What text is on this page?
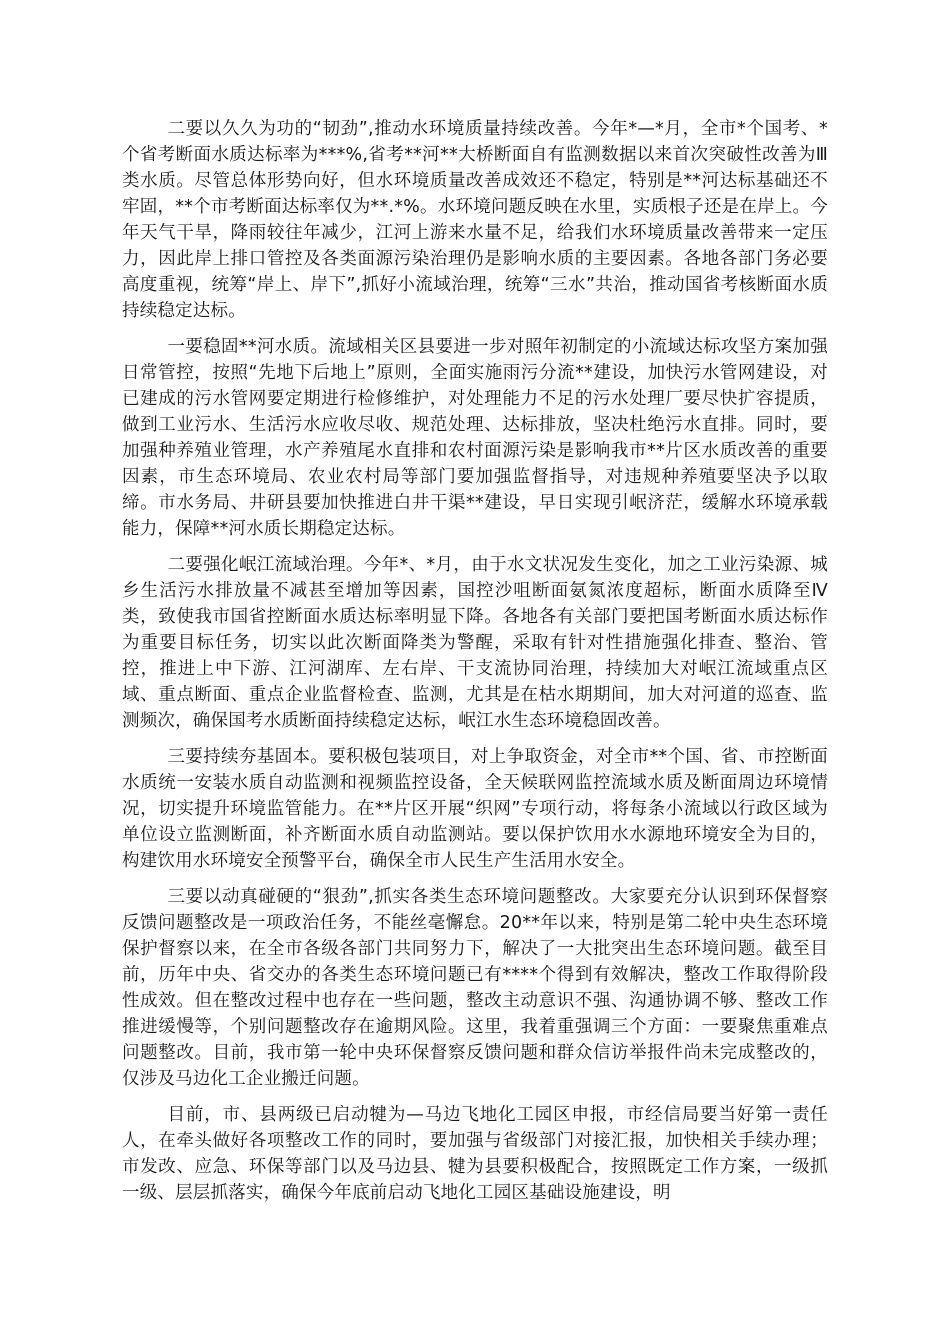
二要以久久为功的“韧劲”,推动水环境质量持续改善。今年*—*月，全市*个国考、*个省考断面水质达标率为***%,省考**河**大桥断面自有监测数据以来首次突破性改善为Ⅲ类水质。尽管总体形势向好，但水环境质量改善成效还不稳定，特别是**河达标基础还不牢固，**个市考断面达标率仅为**.*%。水环境问题反映在水里，实质根子还是在岸上。今年天气干旱，降雨较往年减少，江河上游来水量不足，给我们水环境质量改善带来一定压力，因此岸上排口管控及各类面源污染治理仍是影响水质的主要因素。各地各部门务必要高度重视，统筹“岸上、岸下”,抓好小流域治理，统筹“三水”共治，推动国省考核断面水质持续稳定达标。

一要稳固**河水质。流域相关区县要进一步对照年初制定的小流域达标攻坚方案加强日常管控，按照“先地下后地上”原则，全面实施雨污分流**建设，加快污水管网建设，对已建成的污水管网要定期进行检修维护，对处理能力不足的污水处理厂要尽快扩容提质，做到工业污水、生活污水应收尽收、规范处理、达标排放，坚决杜绝污水直排。同时，要加强种养殖业管理，水产养殖尾水直排和农村面源污染是影响我市**片区水质改善的重要因素，市生态环境局、农业农村局等部门要加强监督指导，对违规种养殖要坚决予以取缔。市水务局、井研县要加快推进白井干渠**建设，早日实现引岷济茫，缓解水环境承载能力，保障**河水质长期稳定达标。

二要强化岷江流域治理。今年*、*月，由于水文状况发生变化，加之工业污染源、城乡生活污水排放量不减甚至增加等因素，国控沙咀断面氨氮浓度超标，断面水质降至Ⅳ类，致使我市国省控断面水质达标率明显下降。各地各有关部门要把国考断面水质达标作为重要目标任务，切实以此次断面降类为警醒，采取有针对性措施强化排查、整治、管控，推进上中下游、江河湖库、左右岸、干支流协同治理，持续加大对岷江流域重点区域、重点断面、重点企业监督检查、监测，尤其是在枯水期期间，加大对河道的巡查、监测频次，确保国考水质断面持续稳定达标，岷江水生态环境稳固改善。

三要持续夯基固本。要积极包装项目，对上争取资金，对全市**个国、省、市控断面水质统一安装水质自动监测和视频监控设备，全天候联网监控流域水质及断面周边环境情况，切实提升环境监管能力。在**片区开展“织网”专项行动，将每条小流域以行政区域为单位设立监测断面，补齐断面水质自动监测站。要以保护饮用水水源地环境安全为目的，构建饮用水环境安全预警平台，确保全市人民生产生活用水安全。

三要以动真碰硬的“狠劲”,抓实各类生态环境问题整改。大家要充分认识到环保督察反馈问题整改是一项政治任务，不能丝毫懈怠。20**年以来，特别是第二轮中央生态环境保护督察以来，在全市各级各部门共同努力下，解决了一大批突出生态环境问题。截至目前，历年中央、省交办的各类生态环境问题已有****个得到有效解决，整改工作取得阶段性成效。但在整改过程中也存在一些问题，整改主动意识不强、沟通协调不够、整改工作推进缓慢等，个别问题整改存在逾期风险。这里，我着重强调三个方面：一要聚焦重难点问题整改。目前，我市第一轮中央环保督察反馈问题和群众信访举报件尚未完成整改的，仅涉及马边化工企业搬迁问题。

目前，市、县两级已启动犍为—马边飞地化工园区申报，市经信局要当好第一责任人，在牵头做好各项整改工作的同时，要加强与省级部门对接汇报，加快相关手续办理；市发改、应急、环保等部门以及马边县、犍为县要积极配合，按照既定工作方案，一级抓一级、层层抓落实，确保今年底前启动飞地化工园区基础设施建设，明
